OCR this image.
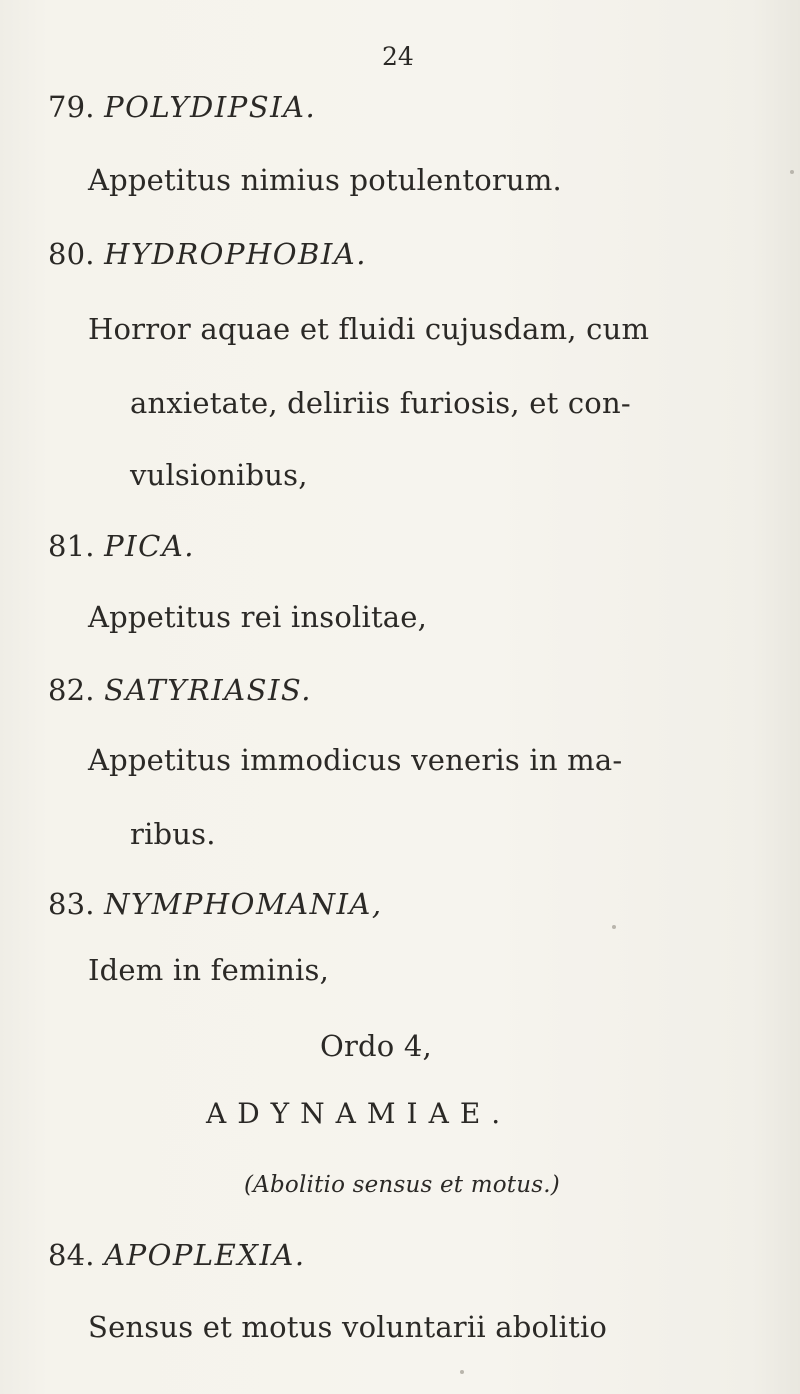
24
79. POLYDIPSIA.
Appetitus nimius potulentorum.
80. HYDROPHOBIA.
Horror aquae et fluidi cujusdam, cum
anxietate, deliriis furiosis, et con-
vulsionibus,
81. PICA.
Appetitus rei insolitae,
82. SATYRIASIS.
Appetitus immodicus veneris in ma-
ribus.
83. NYMPHOMANIA,
Idem in feminis,
Ordo 4,
ADYNAMIAE.
(Abolitio sensus et motus.)
84. APOPLEXIA.
Sensus et motus voluntarii abolitio
